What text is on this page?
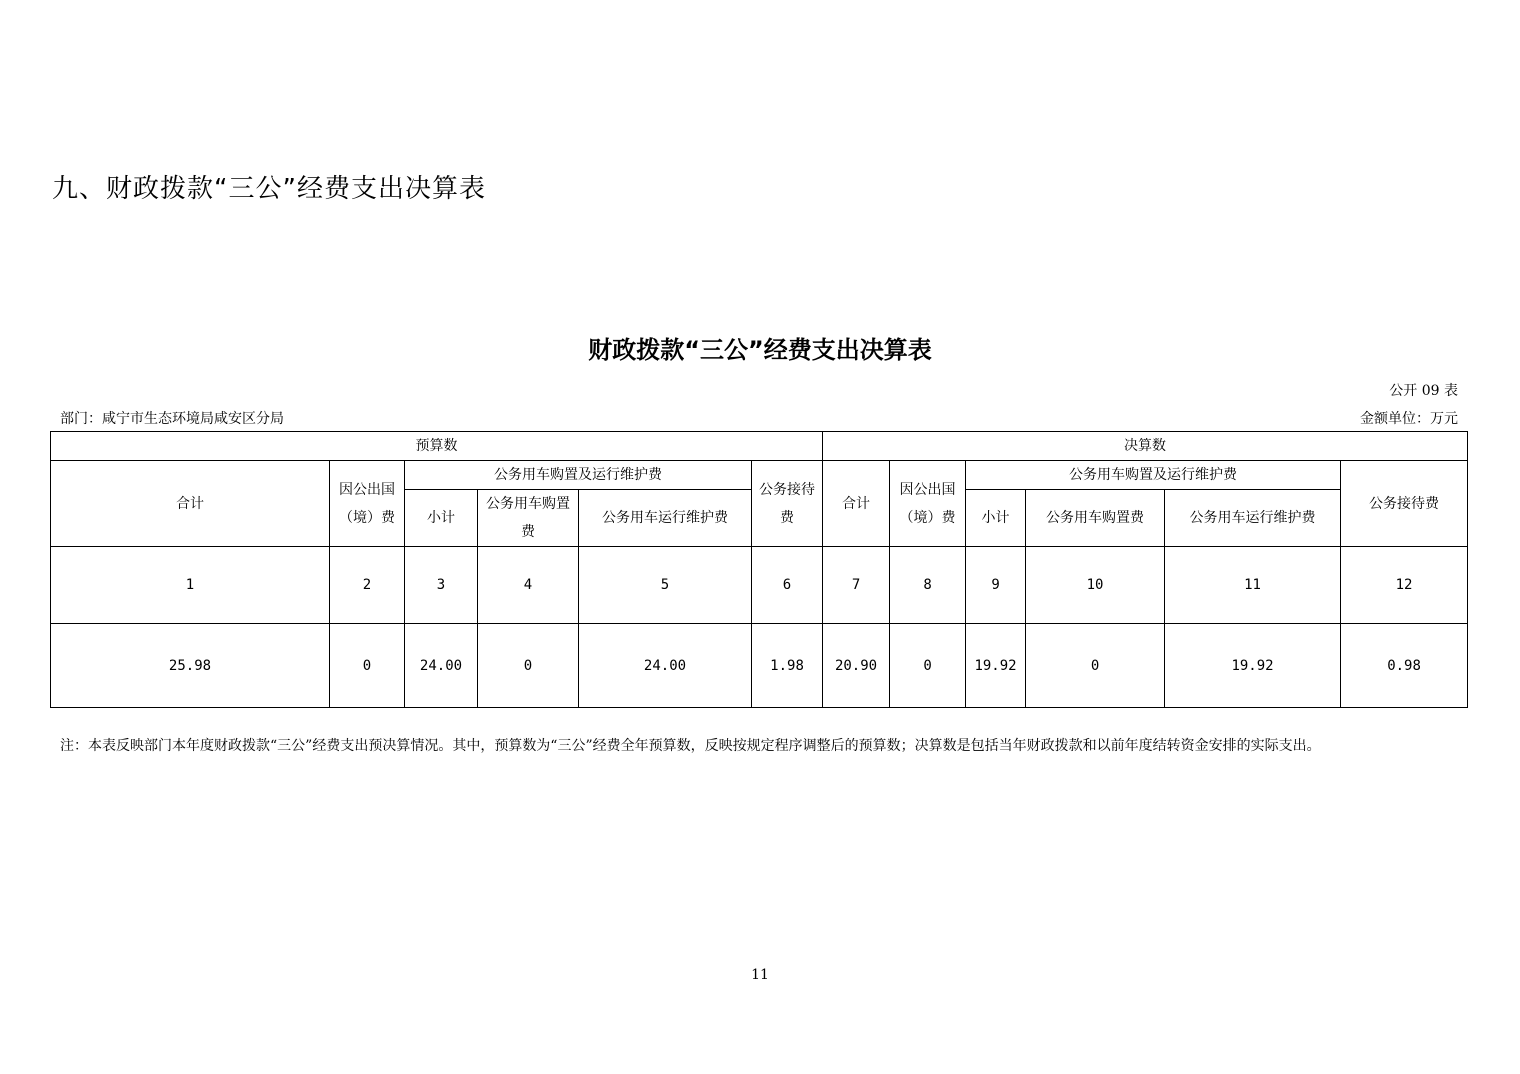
九、财政拨款“三公”经费支出决算表
财政拨款“三公”经费支出决算表
公开 09 表
部门：咸宁市生态环境局咸安区分局	金额单位：万元
预算数						决算数					
合计	因公出国（境）费	公务用车购置及运行维护费			公务接待费	合计	因公出国（境）费	公务用车购置及运行维护费			公务接待费
		小计	公务用车购置费	公务用车运行维护费				小计	公务用车购置费	公务用车运行维护费	
1	2	3	4	5	6	7	8	9	10	11	12
25.98	0	24.00	0	24.00	1.98	20.90	0	19.92	0	19.92	0.98
注：本表反映部门本年度财政拨款“三公”经费支出预决算情况。其中，预算数为“三公”经费全年预算数，反映按规定程序调整后的预算数；决算数是包括当年财政拨款和以前年度结转资金安排的实际支出。
11
